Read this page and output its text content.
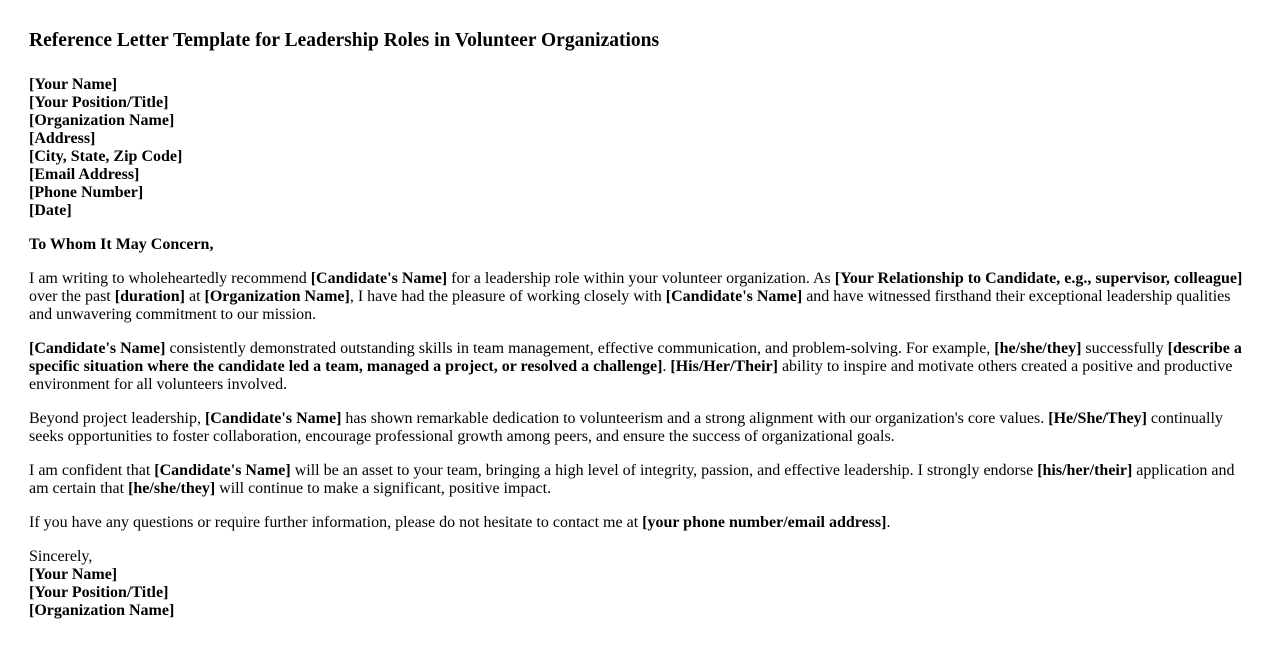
Reference Letter Template for Leadership Roles in Volunteer Organizations
[Your Name]
[Your Position/Title]
[Organization Name]
[Address]
[City, State, Zip Code]
[Email Address]
[Phone Number]
[Date]
To Whom It May Concern,

I am writing to wholeheartedly recommend [Candidate's Name] for a leadership role within your volunteer organization. As [Your Relationship to Candidate, e.g., supervisor, colleague] over the past [duration] at [Organization Name], I have had the pleasure of working closely with [Candidate's Name] and have witnessed firsthand their exceptional leadership qualities and unwavering commitment to our mission.

[Candidate's Name] consistently demonstrated outstanding skills in team management, effective communication, and problem-solving. For example, [he/she/they] successfully [describe a specific situation where the candidate led a team, managed a project, or resolved a challenge]. [His/Her/Their] ability to inspire and motivate others created a positive and productive environment for all volunteers involved.

Beyond project leadership, [Candidate's Name] has shown remarkable dedication to volunteerism and a strong alignment with our organization's core values. [He/She/They] continually seeks opportunities to foster collaboration, encourage professional growth among peers, and ensure the success of organizational goals.

I am confident that [Candidate's Name] will be an asset to your team, bringing a high level of integrity, passion, and effective leadership. I strongly endorse [his/her/their] application and am certain that [he/she/they] will continue to make a significant, positive impact.

If you have any questions or require further information, please do not hesitate to contact me at [your phone number/email address].

Sincerely,
[Your Name]
[Your Position/Title]
[Organization Name]
